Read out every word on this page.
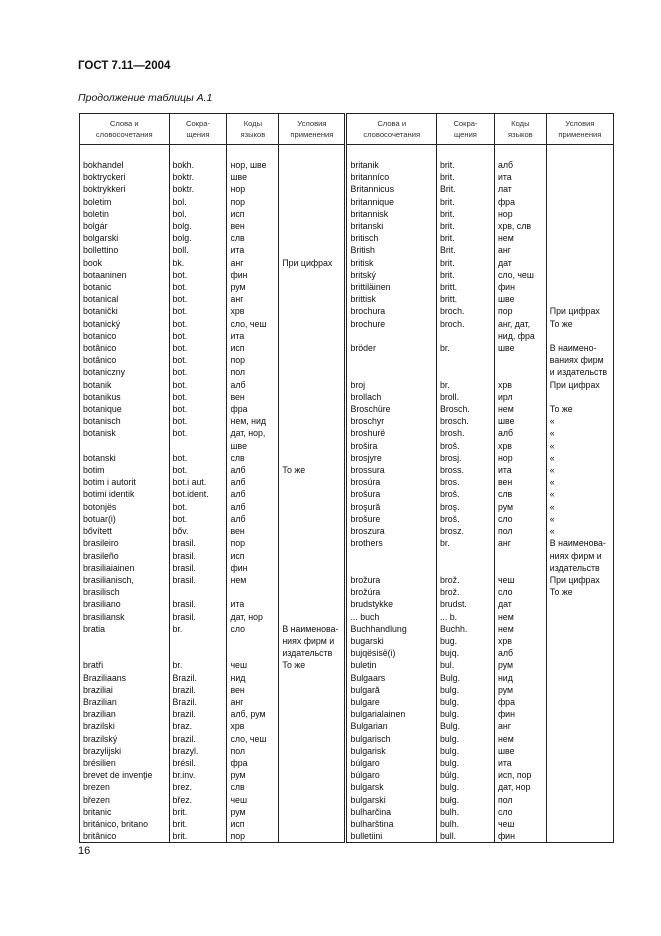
ГОСТ 7.11—2004
Продолжение таблицы А.1
Слова и
словосочетания	Сокра-
щения	Коды
языков	Условия
применения	Слова и
словосочетания	Сокра-
щения	Коды
языков	Условия
применения

bokhandel	bokh.	нор, шве		britanik	brit.	алб	
boktryckeri	boktr.	шве		britanníco	brit.	ита	
boktrykkeri	boktr.	нор		Britannicus	Brit.	лат	
boletim	bol.	пор		britannique	brit.	фра	
boletin	bol.	исп		britannisk	brit.	нор	
bolgár	bolg.	вен		britanski	brit.	хрв, слв	
bolgarski	bolg.	слв		britisch	brit.	нем	
bollettino	boll.	ита		British	Brit.	анг	
book	bk.	анг	При цифрах	britisk	brit.	дат	
botaaninen	bot.	фин		britský	brit.	сло, чеш	
botanic	bot.	рум		brittiläinen	britt.	фин	
botanical	bot.	анг		brittisk	britt.	шве	
botanički	bot.	хрв		brochura	broch.	пор	При цифрах
botanický	bot.	сло, чеш		brochure	broch.	анг, дат,	То же
botanico	bot.	ита				нид, фра	
botânico	bot.	исп		bröder	br.	шве	В наимено-
botânico	bot.	пор					ваниях фирм
botaniczny	bot.	пол					и издательств
botanik	bot.	алб		broj	br.	хрв	При цифрах
botanikus	bot.	вен		brollach	broll.	ирл	
botanique	bot.	фра		Broschüre	Brosch.	нем	То же
botanisch	bot.	нем, нид		broschyr	brosch.	шве	«
botanisk	bot.	дат, нор,		broshurë	brosh.	алб	«
		шве		brošira	broš.	хрв	«
botanski	bot.	слв		brosjyre	brosj.	нор	«
botim	bot.	алб	То же	brossura	bross.	ита	«
botim i autorit	bot.i aut.	алб		brosúra	bros.	вен	«
botimi identik	bot.ident.	алб		brošura	broš.	слв	«
botonjës	bot.	алб		broşură	broş.	рум	«
botuar(i)	bot.	алб		brošure	broš.	сло	«
bővített	bőv.	вен		broszura	brosz.	пол	«
brasileiro	brasil.	пор		brothers	br.	анг	В наименова-
brasileño	brasil.	исп					ниях фирм и
brasiliaiainen	brasil.	фин					издательств
brasilianisch,	brasil.	нем		brožura	brož.	чеш	При цифрах
brasilisch				brožúra	brož.	сло	То же
brasiliano	brasil.	ита		brudstykke	brudst.	дат	
brasiliansk	brasil.	дат, нор		... buch	... b.	нем	
bratia	br.	сло	В наименова-	Buchhandlung	Buchh.	нем	
			ниях фирм и	bugarski	bug.	хрв	
			издательств	bujqësisë(i)	bujq.	алб	
bratři	br.	чеш	То же	buletin	bul.	рум	
Braziliaans	Brazil.	нид		Bulgaars	Bulg.	нид	
braziliai	brazil.	вен		bulgară	bulg.	рум	
Brazilian	Brazil.	анг		bulgare	bulg.	фра	
brazilian	brazil.	алб, рум		bulgarialainen	bulg.	фин	
brazilski	braz.	хрв		Bulgarian	Bulg.	анг	
brazilský	brazil.	сло, чеш		bulgarisch	bulg.	нем	
brazylijski	brazyl.	пол		bulgarisk	bulg.	шве	
brésilien	brésil.	фра		búlgaro	bulg.	ита	
brevet de invenţie	br.inv.	рум		búlgaro	búlg.	исп, пор	
brezen	brez.	слв		bulgarsk	bulg.	дат, нор	
březen	břez.	чеш		bulgarski	bułg.	пол	
britanic	brit.	рум		bulharčina	bulh.	сло	
británico, britano	brit.	исп		bulharština	bulh.	чеш	
britânico	brit.	пор		bulletiini	bull.	фин	
16
